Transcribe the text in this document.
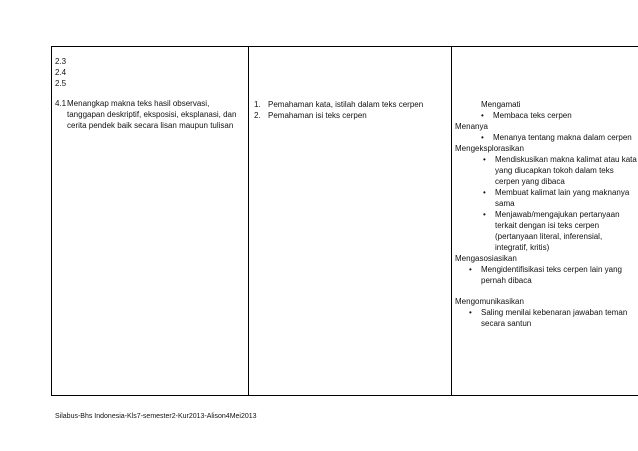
2.3
2.4
2.5
4.1 Menangkap makna teks hasil observasi,
tanggapan deskriptif, eksposisi, eksplanasi, dan
cerita pendek baik secara lisan maupun tulisan
1. Pemahaman kata, istilah dalam teks cerpen
2. Pemahaman isi teks cerpen
Mengamati
• Membaca teks cerpen
Menanya
• Menanya tentang makna dalam cerpen
Mengeksplorasikan
• Mendiskusikan makna kalimat atau kata
yang diucapkan tokoh dalam teks
cerpen yang dibaca
• Membuat kalimat lain yang maknanya
sama
• Menjawab/mengajukan pertanyaan
terkait dengan isi teks cerpen
(pertanyaan literal, inferensial,
integratif, kritis)
Mengasosiasikan
• Mengidentifisikasi teks cerpen lain yang
pernah dibaca
Mengomunikasikan
• Saling menilai kebenaran jawaban teman
secara santun
Silabus-Bhs Indonesia-Kls7-semester2-Kur2013-Alison4Mei2013
